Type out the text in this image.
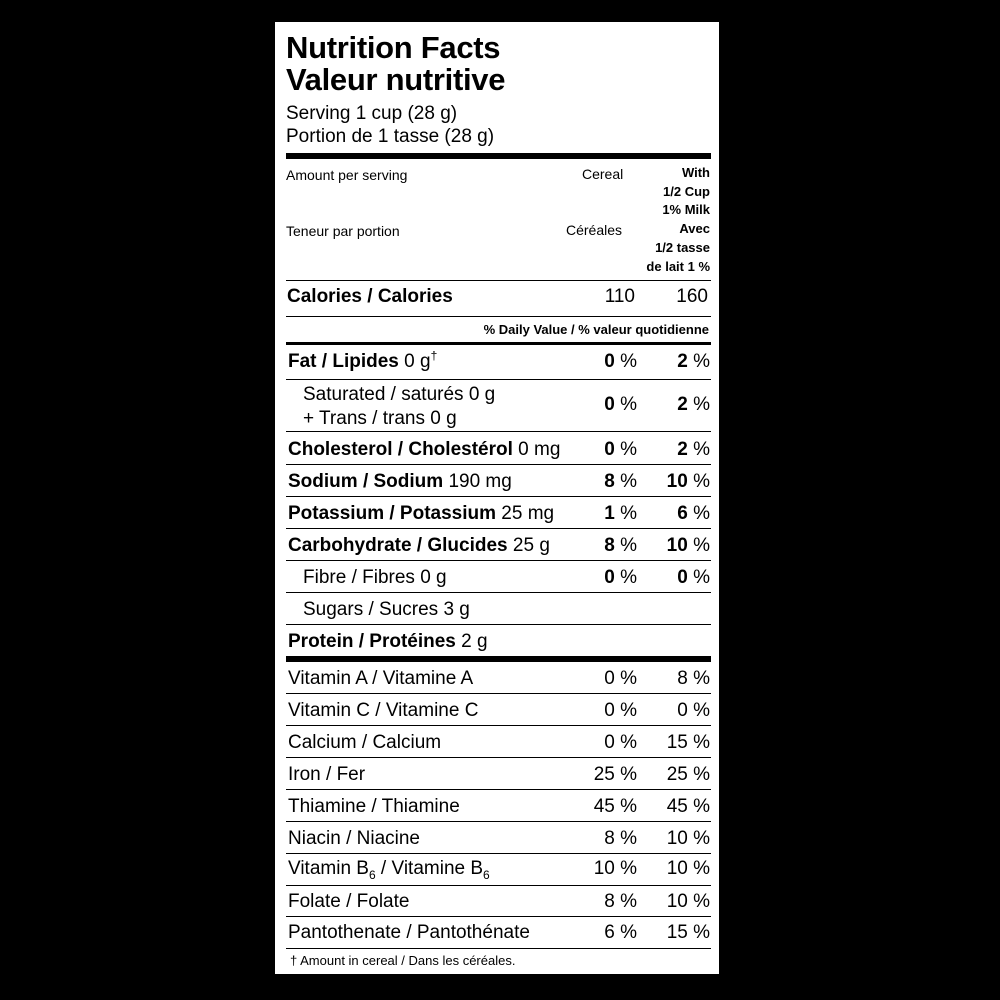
Nutrition Facts
Valeur nutritive
Serving 1 cup (28 g)
Portion de 1 tasse (28 g)
Amount per serving
Teneur par portion
Cereal
Céréales
With
1/2 Cup
1% Milk
Avec
1/2 tasse
de lait 1 %
Calories / Calories	110 160
% Daily Value / % valeur quotidienne
Fat / Lipides 0 g†	0 % 2 %
Saturated / saturés 0 g
+ Trans / trans 0 g
0 % 2 %
Cholesterol / Cholestérol 0 mg 0 % 2 %
Sodium / Sodium 190 mg	8 % 10 %
Potassium / Potassium 25 mg	1 % 6 %
Carbohydrate / Glucides 25 g	8 % 10 %
Fibre / Fibres 0 g	0 % 0 %
Sugars / Sucres 3 g
Protein / Protéines 2 g
Vitamin A / Vitamine A	0 % 8 %
Vitamin C / Vitamine C	0 % 0 %
Calcium / Calcium	0 % 15 %
Iron / Fer	25 % 25 %
Thiamine / Thiamine	45 % 45 %
Niacin / Niacine	8 % 10 %
Vitamin $B_6$ / Vitamine $B_6$	10 % 10 %
Folate / Folate	8 % 10 %
Pantothenate / Pantothénate	6 % 15 %
† Amount in cereal / Dans les céréales.
